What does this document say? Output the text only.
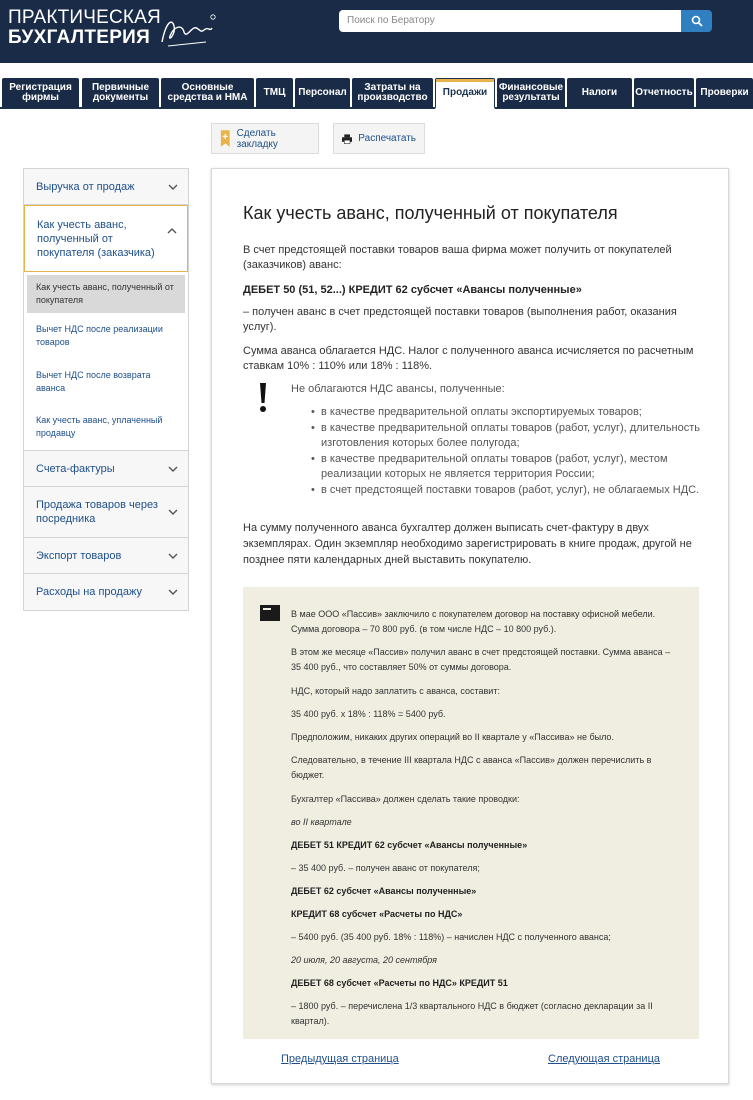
ПРАКТИЧЕСКАЯ
БУХГАЛТЕРИЯ
Поиск по Бератору
Регистрация фирмы
Первичные документы
Основные средства и НМА	ТМЦ Персонал	Затраты на производство Продажи Финансовые результаты	Налоги Отчетность Проверки
Сделать закладку	Распечатать
Выручка от продаж
Как учесть аванс, полученный от покупателя (заказчика)
Как учесть аванс, полученный от покупателя
Вычет НДС после реализации товаров
Вычет НДС после возврата аванса
Как учесть аванс, уплаченный продавцу
Счета-фактуры
Продажа товаров через посредника
Экспорт товаров
Расходы на продажу
Как учесть аванс, полученный от покупателя
В счет предстоящей поставки товаров ваша фирма может получить от покупателей (заказчиков) аванс:
ДЕБЕТ 50 (51, 52...) КРЕДИТ 62 субсчет «Авансы полученные»
– получен аванс в счет предстоящей поставки товаров (выполнения работ, оказания услуг).
Сумма аванса облагается НДС. Налог с полученного аванса исчисляется по расчетным ставкам 10% : 110% или 18% : 118%.
Не облагаются НДС авансы, полученные:
• в качестве предварительной оплаты экспортируемых товаров;
• в качестве предварительной оплаты товаров (работ, услуг), длительность изготовления которых более полугода;
• в качестве предварительной оплаты товаров (работ, услуг), местом реализации которых не является территория России;
• в счет предстоящей поставки товаров (работ, услуг), не облагаемых НДС.
На сумму полученного аванса бухгалтер должен выписать счет-фактуру в двух экземплярах. Один экземпляр необходимо зарегистрировать в книге продаж, другой не позднее пяти календарных дней выставить покупателю.
В мае ООО «Пассив» заключило с покупателем договор на поставку офисной мебели. Сумма договора – 70 800 руб. (в том числе НДС – 10 800 руб.).
В этом же месяце «Пассив» получил аванс в счет предстоящей поставки. Сумма аванса – 35 400 руб., что составляет 50% от суммы договора.
НДС, который надо заплатить с аванса, составит:
35 400 руб. х 18% : 118% = 5400 руб.
Предположим, никаких других операций во II квартале у «Пассива» не было.
Следовательно, в течение III квартала НДС с аванса «Пассив» должен перечислить в бюджет.
Бухгалтер «Пассива» должен сделать такие проводки:
во II квартале
ДЕБЕТ 51 КРЕДИТ 62 субсчет «Авансы полученные»
– 35 400 руб. – получен аванс от покупателя;
ДЕБЕТ 62 субсчет «Авансы полученные»
КРЕДИТ 68 субсчет «Расчеты по НДС»
– 5400 руб. (35 400 руб. 18% : 118%) – начислен НДС с полученного аванса;
20 июля, 20 августа, 20 сентября
ДЕБЕТ 68 субсчет «Расчеты по НДС» КРЕДИТ 51
– 1800 руб. – перечислена 1/3 квартального НДС в бюджет (согласно декларации за II квартал).
Предыдущая страница	Следующая страница
